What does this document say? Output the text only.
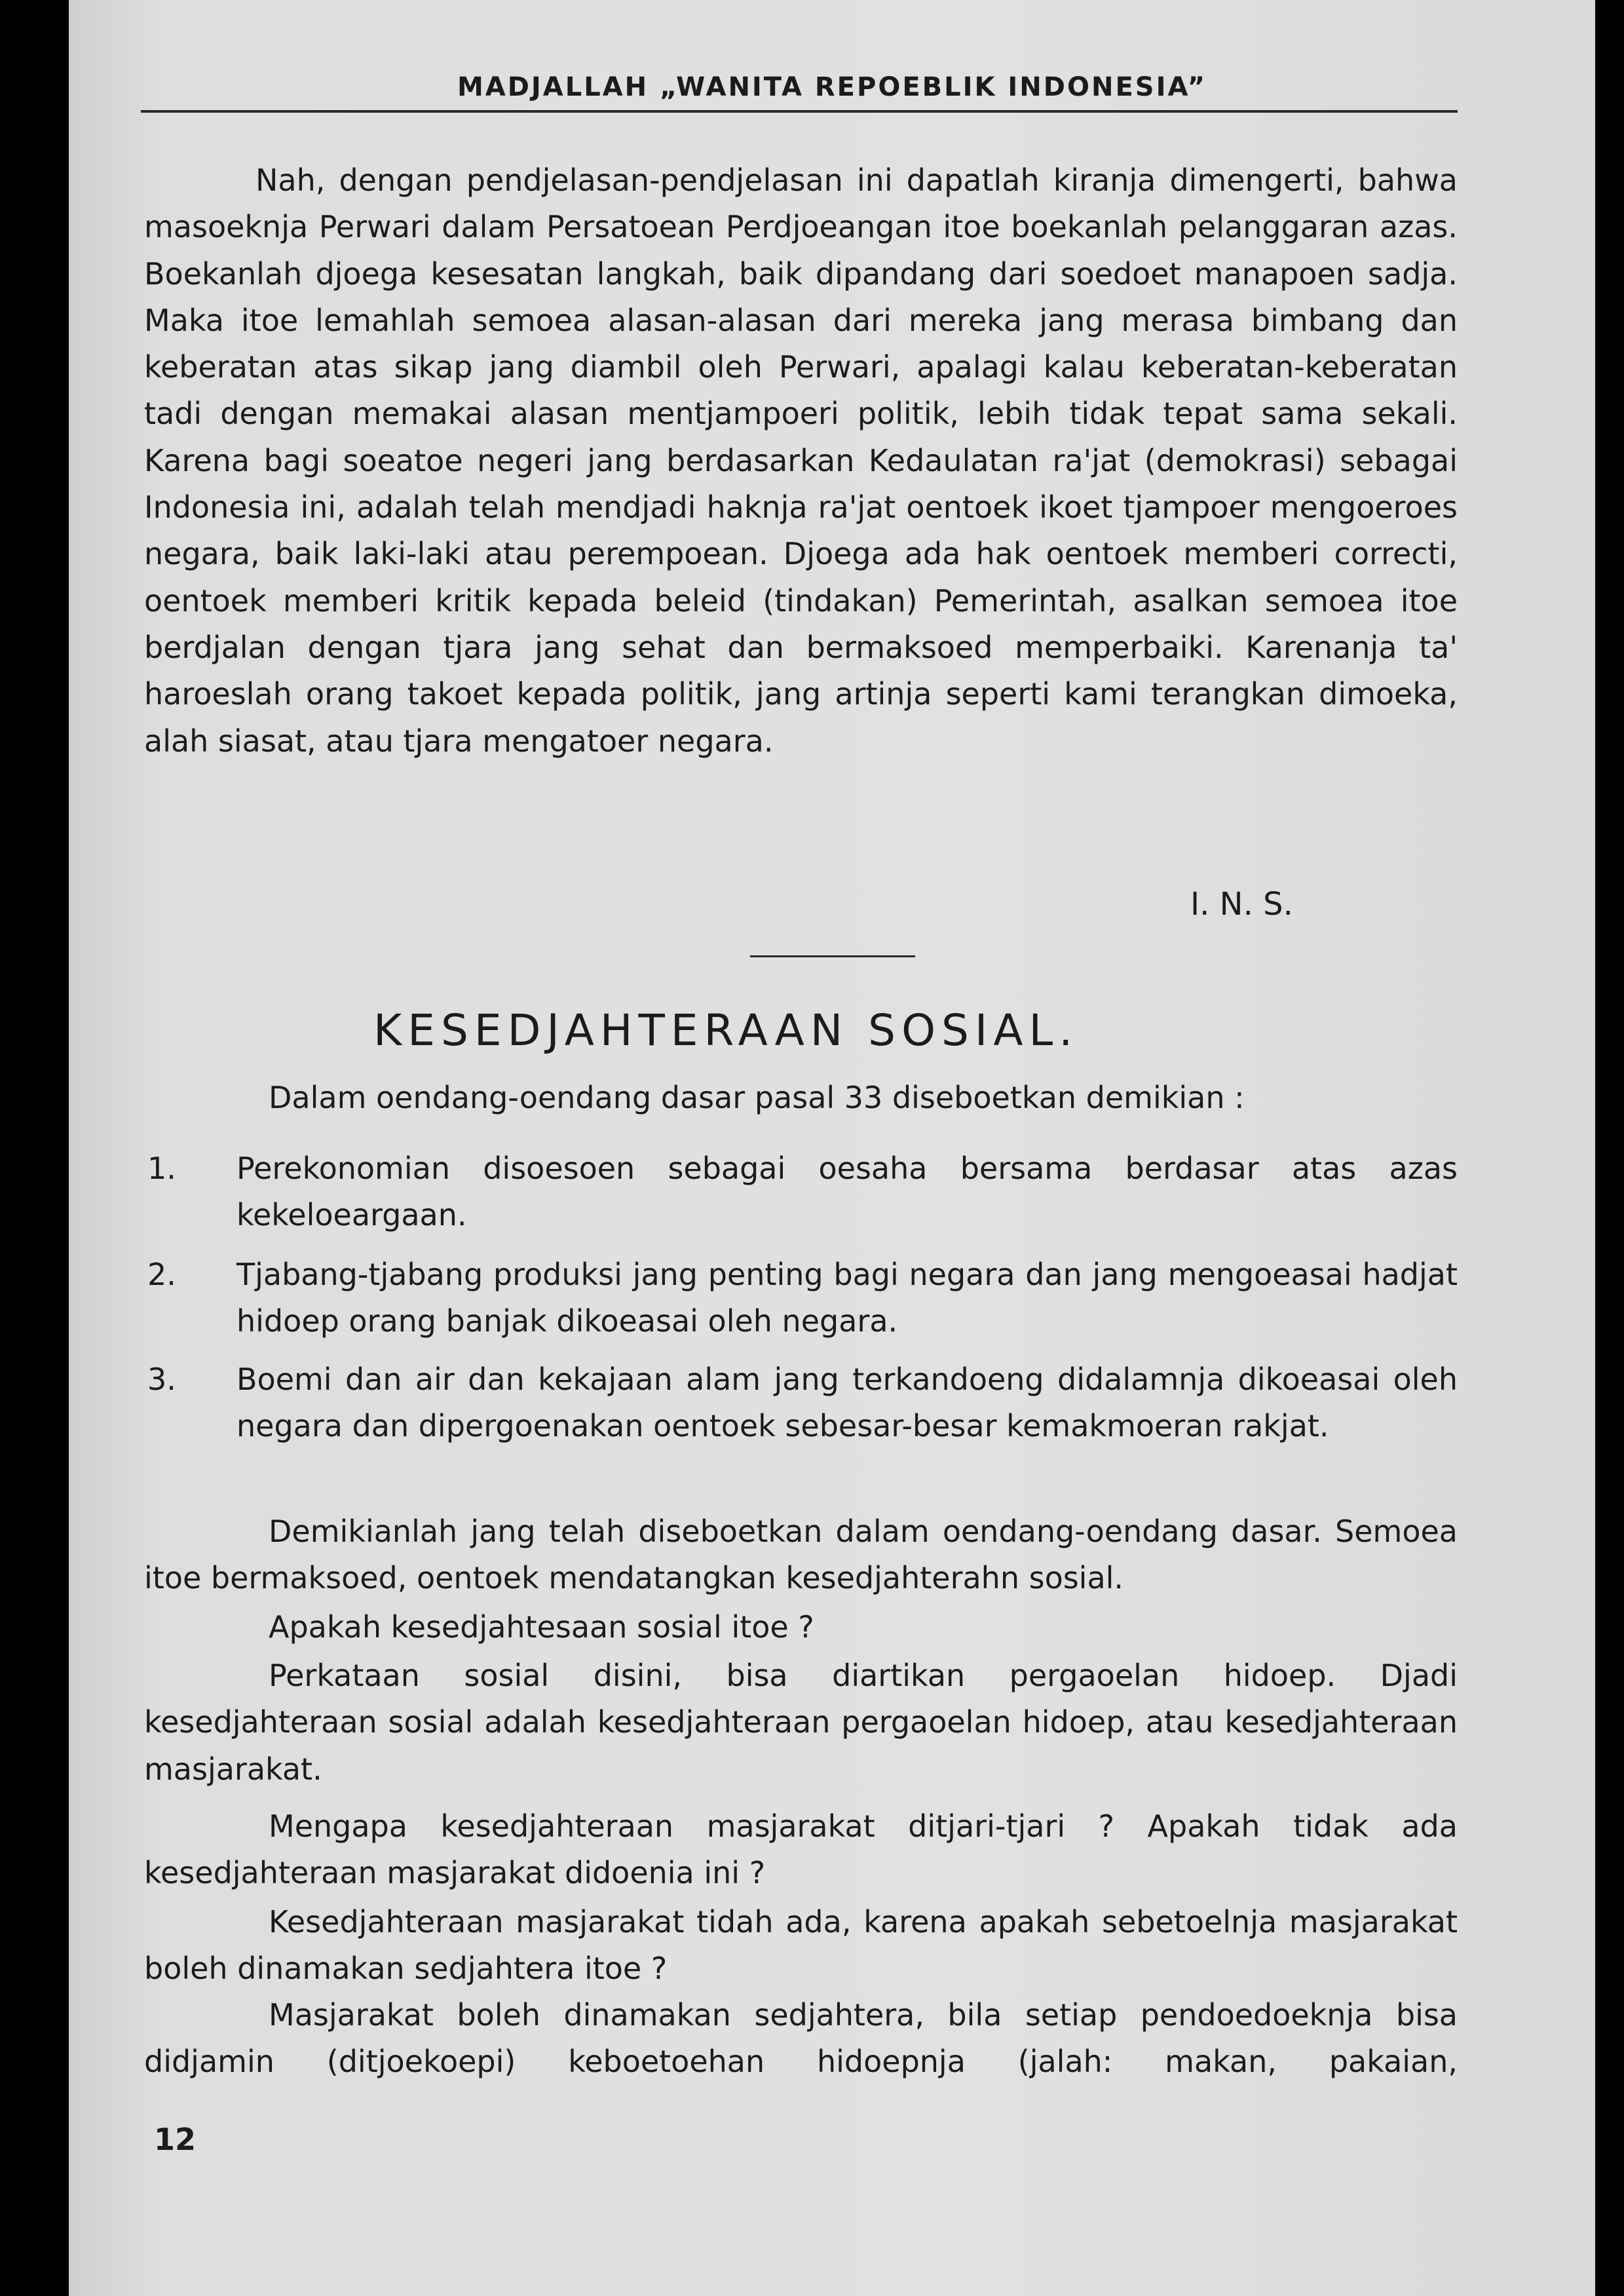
MADJALLAH „WANITA REPOEBLIK INDONESIA”

Nah, dengan pendjelasan-pendjelasan ini dapatlah kiranja dimengerti, bahwa masoeknja Perwari dalam Persatoean Perdjoeangan itoe boekanlah pelanggaran azas. Boekanlah djoega kesesatan langkah, baik dipandang dari soedoet manapoen sadja. Maka itoe lemahlah semoea alasan-alasan dari mereka jang merasa bimbang dan keberatan atas sikap jang diambil oleh Perwari, apalagi kalau keberatan-keberatan tadi dengan memakai alasan mentjampoeri politik, lebih tidak tepat sama sekali. Karena bagi soeatoe negeri jang berdasarkan Kedaulatan ra'jat (demokrasi) sebagai Indonesia ini, adalah telah mendjadi haknja ra'jat oentoek ikoet tjampoer mengoeroes negara, baik laki-laki atau perempoean. Djoega ada hak oentoek memberi correcti, oentoek memberi kritik kepada beleid (tindakan) Pemerintah, asalkan semoea itoe berdjalan dengan tjara jang sehat dan bermaksoed memperbaiki. Karenanja ta' haroeslah orang takoet kepada politik, jang artinja seperti kami terangkan dimoeka, alah siasat, atau tjara mengatoer negara.

I. N. S.
KESEDJAHTERAAN SOSIAL.
Dalam oendang-oendang dasar pasal 33 diseboetkan demikian :
1.	Perekonomian disoesoen sebagai oesaha bersama berdasar atas azas kekeloeargaan.
2.	Tjabang-tjabang produksi jang penting bagi negara dan jang mengoeasai hadjat hidoep orang banjak dikoeasai oleh negara.
3.	Boemi dan air dan kekajaan alam jang terkandoeng didalamnja dikoeasai oleh negara dan dipergoenakan oentoek sebesar-besar kemakmoeran rakjat.

Demikianlah jang telah diseboetkan dalam oendang-oendang dasar. Semoea itoe bermaksoed, oentoek mendatangkan kesedjahterahn sosial.

Apakah kesedjahtesaan sosial itoe ?

Perkataan sosial disini, bisa diartikan pergaoelan hidoep. Djadi kesedjahteraan sosial adalah kesedjahteraan pergaoelan hidoep, atau kesedjahteraan masjarakat.

Mengapa kesedjahteraan masjarakat ditjari-tjari ? Apakah tidak ada kesedjahteraan masjarakat didoenia ini ?

Kesedjahteraan masjarakat tidah ada, karena apakah sebetoelnja masjarakat boleh dinamakan sedjahtera itoe ?

Masjarakat boleh dinamakan sedjahtera, bila setiap pendoedoeknja bisa didjamin (ditjoekoepi) keboetoehan hidoepnja (jalah: makan, pakaian,

12
